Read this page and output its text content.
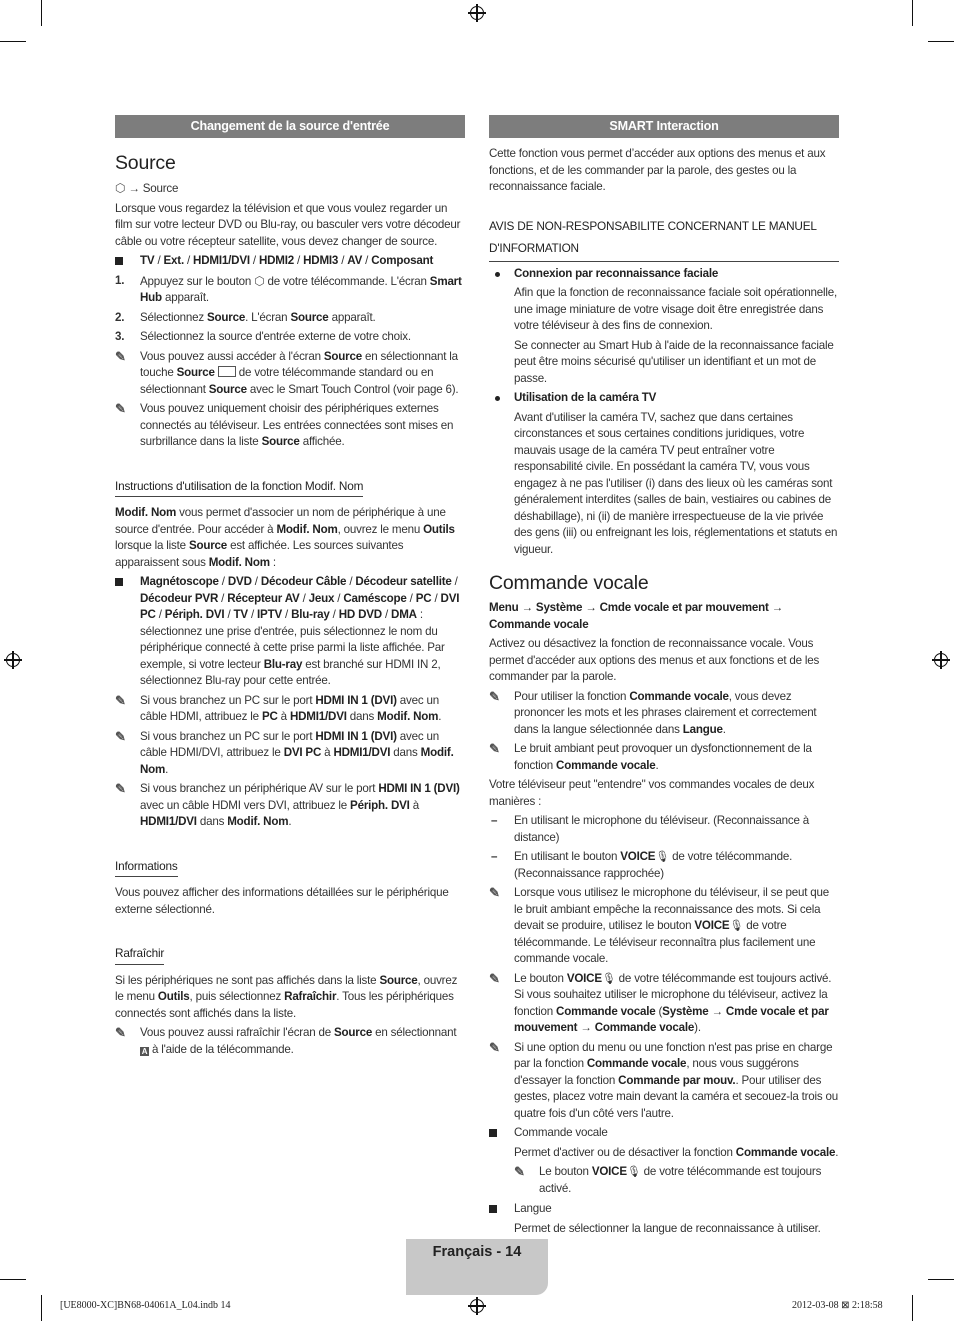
Changement de la source d'entrée
Source

⬡ → Source

Lorsque vous regardez la télévision et que vous voulez regarder un film sur votre lecteur DVD ou Blu-ray, ou basculer vers votre décodeur câble ou votre récepteur satellite, vous devez changer de source.

TV / Ext. / HDMI1/DVI / HDMI2 / HDMI3 / AV / Composant
1.	Appuyez sur le bouton ⬡ de votre télécommande. L'écran Smart Hub apparaît.
2.	Sélectionnez Source. L'écran Source apparaît.
3.	Sélectionnez la source d'entrée externe de votre choix.
✎	Vous pouvez aussi accéder à l'écran Source en sélectionnant la touche Source  de votre télécommande standard ou en sélectionnant Source avec le Smart Touch Control (voir page 6).
✎	Vous pouvez uniquement choisir des périphériques externes connectés au téléviseur. Les entrées connectées sont mises en surbrillance dans la liste Source affichée.
Instructions d'utilisation de la fonction Modif. Nom

Modif. Nom vous permet d'associer un nom de périphérique à une source d'entrée. Pour accéder à Modif. Nom, ouvrez le menu Outils lorsque la liste Source est affichée. Les sources suivantes apparaissent sous Modif. Nom :

Magnétoscope / DVD / Décodeur Câble / Décodeur satellite / Décodeur PVR / Récepteur AV / Jeux / Caméscope / PC / DVI PC / Périph. DVI / TV / IPTV / Blu-ray / HD DVD / DMA : sélectionnez une prise d'entrée, puis sélectionnez le nom du périphérique connecté à cette prise parmi la liste affichée. Par exemple, si votre lecteur Blu-ray est branché sur HDMI IN 2, sélectionnez Blu-ray pour cette entrée.
✎	Si vous branchez un PC sur le port HDMI IN 1 (DVI) avec un câble HDMI, attribuez le PC à HDMI1/DVI dans Modif. Nom.
✎	Si vous branchez un PC sur le port HDMI IN 1 (DVI) avec un câble HDMI/DVI, attribuez le DVI PC à HDMI1/DVI dans Modif. Nom.
✎	Si vous branchez un périphérique AV sur le port HDMI IN 1 (DVI) avec un câble HDMI vers DVI, attribuez le Périph. DVI à HDMI1/DVI dans Modif. Nom.
Informations

Vous pouvez afficher des informations détaillées sur le périphérique externe sélectionné.

Rafraîchir

Si les périphériques ne sont pas affichés dans la liste Source, ouvrez le menu Outils, puis sélectionnez Rafraîchir. Tous les périphériques connectés sont affichés dans la liste.

✎	Vous pouvez aussi rafraîchir l'écran de Source en sélectionnant A à l'aide de la télécommande.
SMART Interaction

Cette fonction vous permet d’accéder aux options des menus et aux fonctions, et de les commander par la parole, des gestes ou la reconnaissance faciale.

AVIS DE NON-RESPONSABILITE CONCERNANT LE MANUEL D'INFORMATION
Connexion par reconnaissance faciale

Afin que la fonction de reconnaissance faciale soit opérationnelle, une image miniature de votre visage doit être enregistrée dans votre téléviseur à des fins de connexion.

Se connecter au Smart Hub à l'aide de la reconnaissance faciale peut être moins sécurisé qu'utiliser un identifiant et un mot de passe.

Utilisation de la caméra TV

Avant d'utiliser la caméra TV, sachez que dans certaines circonstances et sous certaines conditions juridiques, votre mauvais usage de la caméra TV peut entraîner votre responsabilité civile. En possédant la caméra TV, vous vous engagez à ne pas l'utiliser (i) dans des lieux où les caméras sont généralement interdites (salles de bain, vestiaires ou cabines de déshabillage), ni (ii) de manière irrespectueuse de la vie privée des gens (iii) ou enfreignant les lois, réglementations et statuts en vigueur.

Commande vocale

Menu → Système → Cmde vocale et par mouvement → Commande vocale

Activez ou désactivez la fonction de reconnaissance vocale. Vous permet d'accéder aux options des menus et aux fonctions et de les commander par la parole.

✎	Pour utiliser la fonction Commande vocale, vous devez prononcer les mots et les phrases clairement et correctement dans la langue sélectionnée dans Langue.
✎	Le bruit ambiant peut provoquer un dysfonctionnement de la fonction Commande vocale.

Votre téléviseur peut "entendre" vos commandes vocales de deux manières :

–	En utilisant le microphone du téléviseur. (Reconnaissance à distance)
–	En utilisant le bouton VOICE🎙 de votre télécommande. (Reconnaissance rapprochée)
✎	Lorsque vous utilisez le microphone du téléviseur, il se peut que le bruit ambiant empêche la reconnaissance des mots. Si cela devait se produire, utilisez le bouton VOICE🎙 de votre télécommande. Le téléviseur reconnaîtra plus facilement une commande vocale.
✎	Le bouton VOICE🎙 de votre télécommande est toujours activé. Si vous souhaitez utiliser le microphone du téléviseur, activez la fonction Commande vocale (Système → Cmde vocale et par mouvement → Commande vocale).
✎	Si une option du menu ou une fonction n'est pas prise en charge par la fonction Commande vocale, nous vous suggérons d'essayer la fonction Commande par mouv.. Pour utiliser des gestes, placez votre main devant la caméra et secouez-la trois ou quatre fois d'un côté vers l'autre.
Commande vocale

Permet d'activer ou de désactiver la fonction Commande vocale.

✎	Le bouton VOICE🎙 de votre télécommande est toujours activé.
Langue

Permet de sélectionner la langue de reconnaissance à utiliser.

Français - 14
[UE8000-XC]BN68-04061A_L04.indb 14	2012-03-08 ⊠ 2:18:58
